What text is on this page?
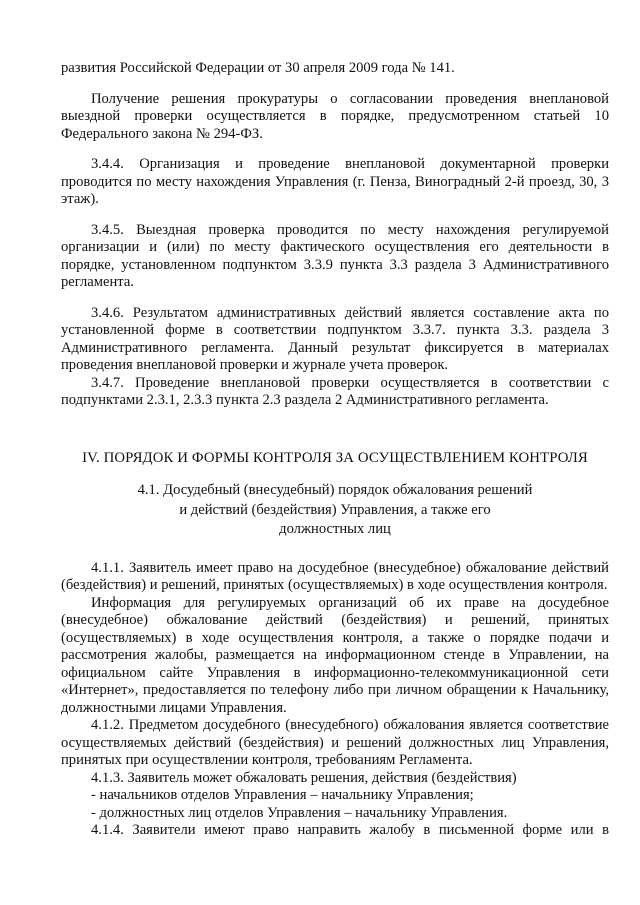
развития Российской Федерации от 30 апреля 2009 года № 141.

Получение решения прокуратуры о согласовании проведения внеплановой выездной проверки осуществляется в порядке, предусмотренном статьей 10 Федерального закона № 294-ФЗ.

3.4.4. Организация и проведение внеплановой документарной проверки проводится по месту нахождения Управления (г. Пенза, Виноградный 2-й проезд, 30, 3 этаж).

3.4.5. Выездная проверка проводится по месту нахождения регулируемой организации и (или) по месту фактического осуществления его деятельности в порядке, установленном подпунктом 3.3.9 пункта 3.3 раздела 3 Административного регламента.

3.4.6. Результатом административных действий является составление акта по установленной форме в соответствии подпунктом 3.3.7. пункта 3.3. раздела 3 Административного регламента. Данный результат фиксируется в материалах проведения внеплановой проверки и журнале учета проверок.

3.4.7. Проведение внеплановой проверки осуществляется в соответствии с подпунктами 2.3.1, 2.3.3 пункта 2.3 раздела 2 Административного регламента.

IV. ПОРЯДОК И ФОРМЫ КОНТРОЛЯ ЗА ОСУЩЕСТВЛЕНИЕМ КОНТРОЛЯ

4.1. Досудебный (внесудебный) порядок обжалования решений
и действий (бездействия) Управления, а также его
должностных лиц

4.1.1. Заявитель имеет право на досудебное (внесудебное) обжалование действий (бездействия) и решений, принятых (осуществляемых) в ходе осуществления контроля.

Информация для регулируемых организаций об их праве на досудебное (внесудебное) обжалование действий (бездействия) и решений, принятых (осуществляемых) в ходе осуществления контроля, а также о порядке подачи и рассмотрения жалобы, размещается на информационном стенде в Управлении, на официальном сайте Управления в информационно-телекоммуникационной сети «Интернет», предоставляется по телефону либо при личном обращении к Начальнику, должностными лицами Управления.

4.1.2. Предметом досудебного (внесудебного) обжалования является соответствие осуществляемых действий (бездействия) и решений должностных лиц Управления, принятых при осуществлении контроля, требованиям Регламента.

4.1.3. Заявитель может обжаловать решения, действия (бездействия)

- начальников отделов Управления – начальнику Управления;

- должностных лиц отделов Управления – начальнику Управления.

4.1.4. Заявители имеют право направить жалобу в письменной форме или в
